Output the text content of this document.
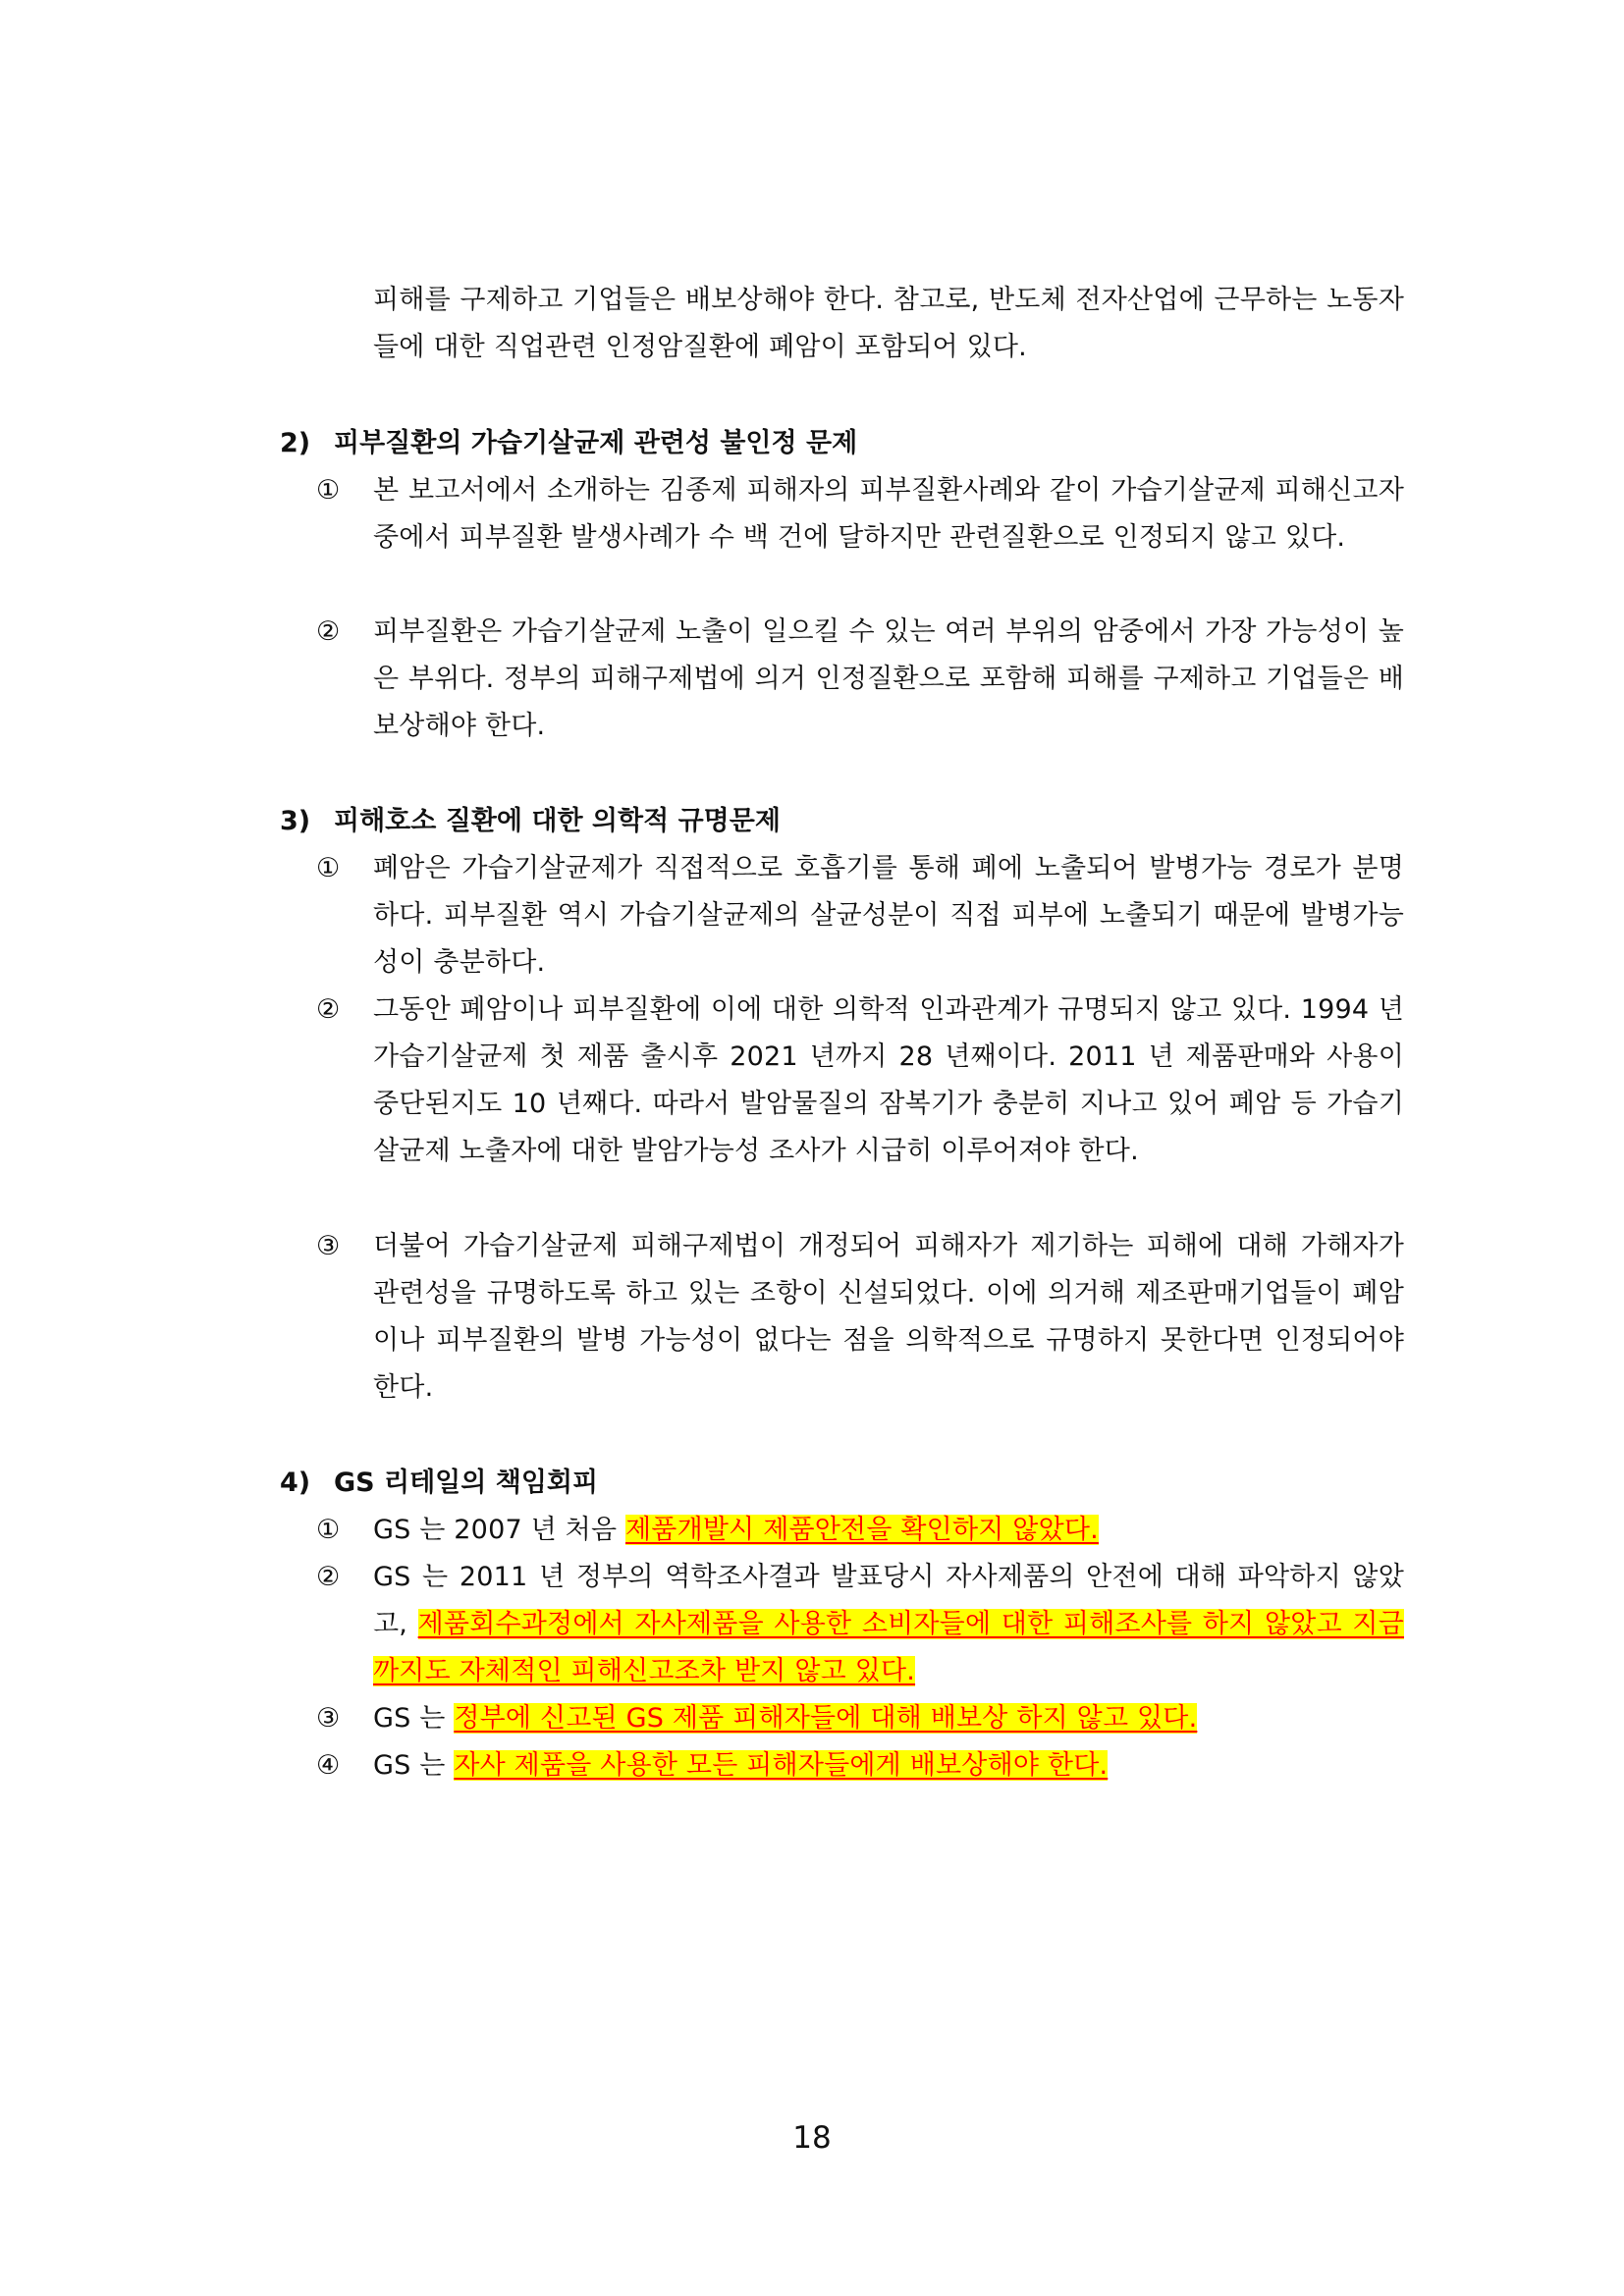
피해를 구제하고 기업들은 배보상해야 한다. 참고로, 반도체 전자산업에 근무하는 노동자들에 대한 직업관련 인정암질환에 폐암이 포함되어 있다.
2) 피부질환의 가습기살균제 관련성 불인정 문제
①	본 보고서에서 소개하는 김종제 피해자의 피부질환사례와 같이 가습기살균제 피해신고자중에서 피부질환 발생사례가 수 백 건에 달하지만 관련질환으로 인정되지 않고 있다.
②	피부질환은 가습기살균제 노출이 일으킬 수 있는 여러 부위의 암중에서 가장 가능성이 높은 부위다. 정부의 피해구제법에 의거 인정질환으로 포함해 피해를 구제하고 기업들은 배보상해야 한다.
3) 피해호소 질환에 대한 의학적 규명문제
①	폐암은 가습기살균제가 직접적으로 호흡기를 통해 폐에 노출되어 발병가능 경로가 분명하다. 피부질환 역시 가습기살균제의 살균성분이 직접 피부에 노출되기 때문에 발병가능성이 충분하다.
②	그동안 폐암이나 피부질환에 이에 대한 의학적 인과관계가 규명되지 않고 있다. 1994 년 가습기살균제 첫 제품 출시후 2021 년까지 28 년째이다. 2011 년 제품판매와 사용이 중단된지도 10 년째다. 따라서 발암물질의 잠복기가 충분히 지나고 있어 폐암 등 가습기살균제 노출자에 대한 발암가능성 조사가 시급히 이루어져야 한다.
③	더불어 가습기살균제 피해구제법이 개정되어 피해자가 제기하는 피해에 대해 가해자가 관련성을 규명하도록 하고 있는 조항이 신설되었다. 이에 의거해 제조판매기업들이 폐암이나 피부질환의 발병 가능성이 없다는 점을 의학적으로 규명하지 못한다면 인정되어야 한다.
4) GS 리테일의 책임회피
①	GS 는 2007 년 처음 제품개발시 제품안전을 확인하지 않았다.
②	GS 는 2011 년 정부의 역학조사결과 발표당시 자사제품의 안전에 대해 파악하지 않았고, 제품회수과정에서 자사제품을 사용한 소비자들에 대한 피해조사를 하지 않았고 지금까지도 자체적인 피해신고조차 받지 않고 있다.
③	GS 는 정부에 신고된 GS 제품 피해자들에 대해 배보상 하지 않고 있다.
④	GS 는 자사 제품을 사용한 모든 피해자들에게 배보상해야 한다.
18
